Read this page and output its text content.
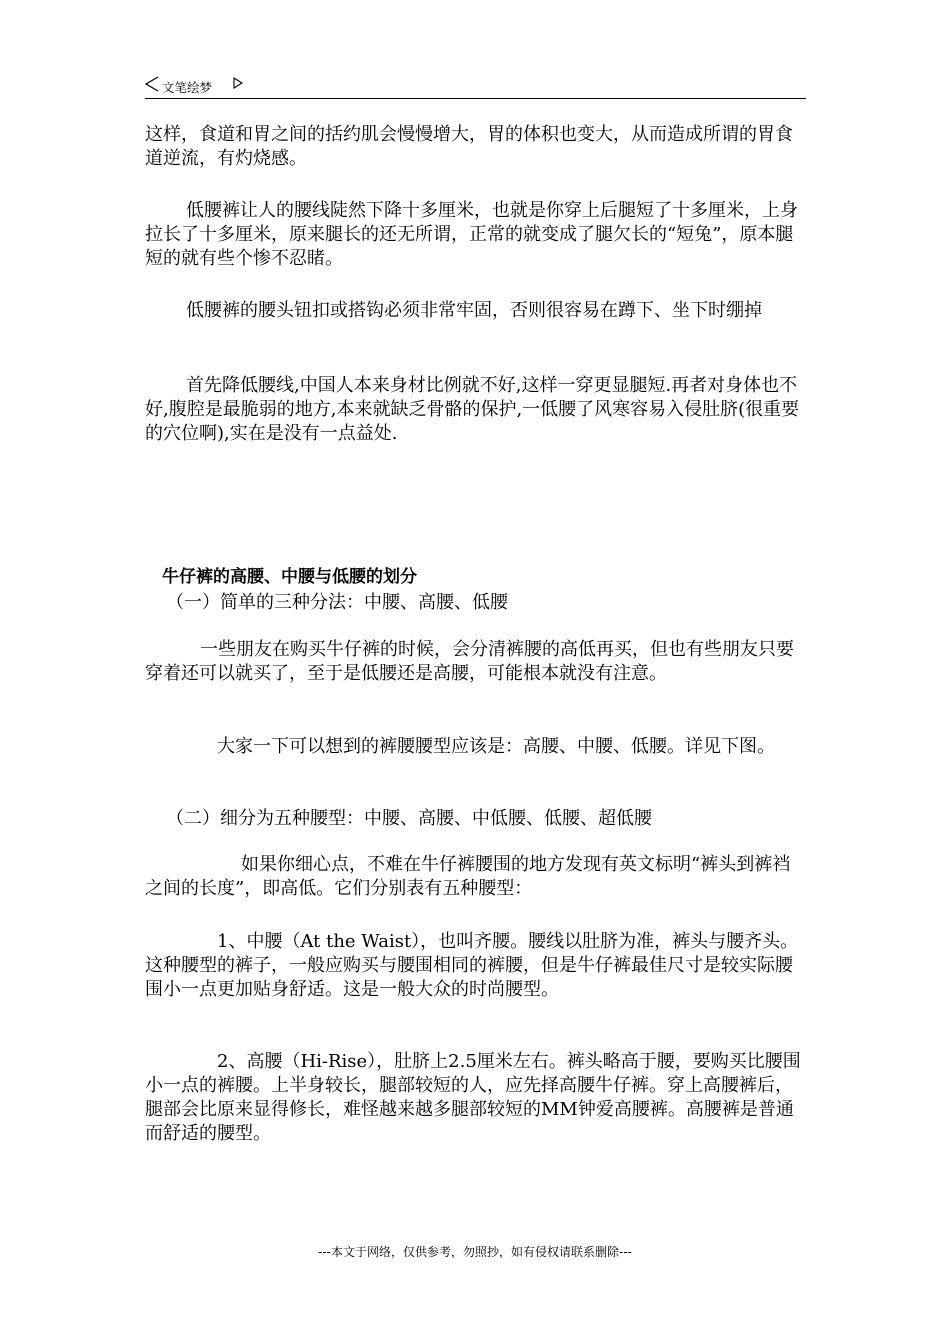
文笔绘梦

这样，食道和胃之间的括约肌会慢慢增大，胃的体积也变大，从而造成所谓的胃食道逆流，有灼烧感。

低腰裤让人的腰线陡然下降十多厘米，也就是你穿上后腿短了十多厘米，上身拉长了十多厘米，原来腿长的还无所谓，正常的就变成了腿欠长的“短兔”，原本腿短的就有些个惨不忍睹。

低腰裤的腰头钮扣或搭钩必须非常牢固，否则很容易在蹲下、坐下时绷掉

首先降低腰线,中国人本来身材比例就不好,这样一穿更显腿短.再者对身体也不好,腹腔是最脆弱的地方,本来就缺乏骨骼的保护,一低腰了风寒容易入侵肚脐(很重要的穴位啊),实在是没有一点益处.

牛仔裤的高腰、中腰与低腰的划分

（一）简单的三种分法：中腰、高腰、低腰

一些朋友在购买牛仔裤的时候，会分清裤腰的高低再买，但也有些朋友只要穿着还可以就买了，至于是低腰还是高腰，可能根本就没有注意。

大家一下可以想到的裤腰腰型应该是：高腰、中腰、低腰。详见下图。

（二）细分为五种腰型：中腰、高腰、中低腰、低腰、超低腰

如果你细心点，不难在牛仔裤腰围的地方发现有英文标明“裤头到裤裆之间的长度”，即高低。它们分别表有五种腰型：

1、中腰（At the Waist），也叫齐腰。腰线以肚脐为准，裤头与腰齐头。这种腰型的裤子，一般应购买与腰围相同的裤腰，但是牛仔裤最佳尺寸是较实际腰围小一点更加贴身舒适。这是一般大众的时尚腰型。

2、高腰（Hi-Rise），肚脐上2.5厘米左右。裤头略高于腰，要购买比腰围小一点的裤腰。上半身较长，腿部较短的人，应先择高腰牛仔裤。穿上高腰裤后，腿部会比原来显得修长，难怪越来越多腿部较短的MM钟爱高腰裤。高腰裤是普通而舒适的腰型。

---本文于网络，仅供参考，勿照抄，如有侵权请联系删除---
